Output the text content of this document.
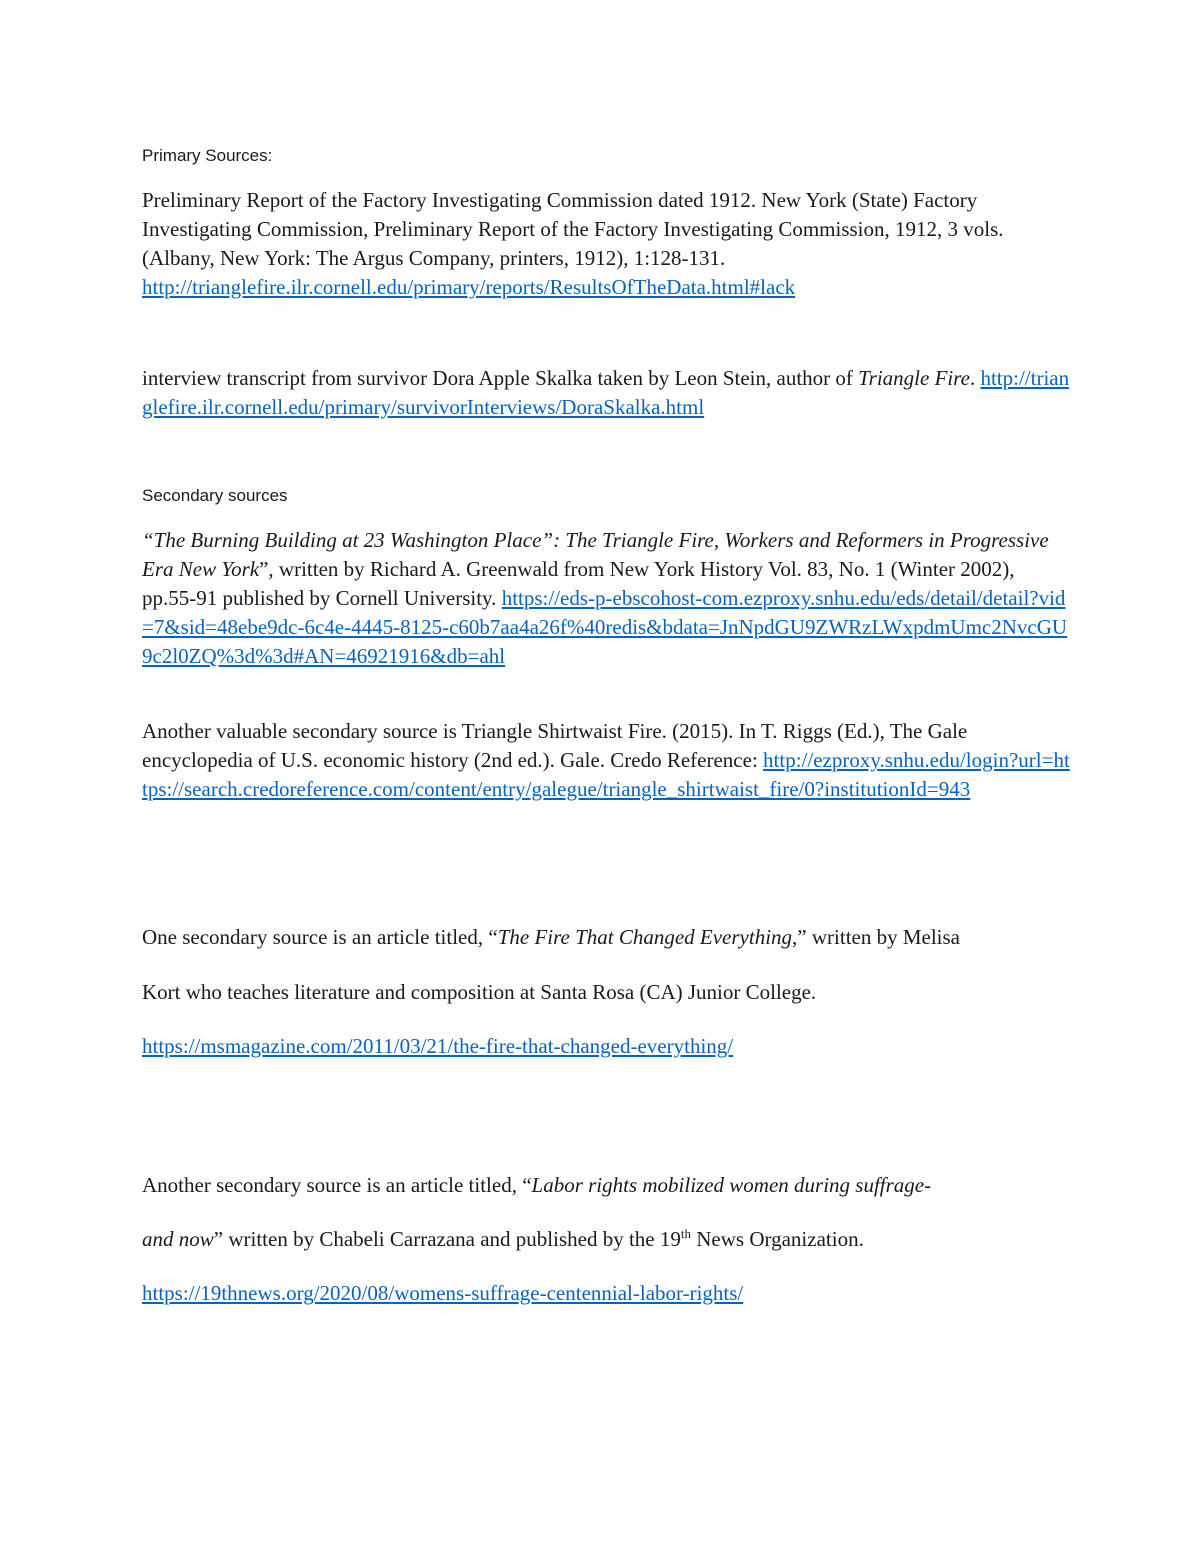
Primary Sources:
Preliminary Report of the Factory Investigating Commission dated 1912. New York (State) Factory Investigating Commission, Preliminary Report of the Factory Investigating Commission, 1912, 3 vols. (Albany, New York: The Argus Company, printers, 1912), 1:128-131.
http://trianglefire.ilr.cornell.edu/primary/reports/ResultsOfTheData.html#lack
interview transcript from survivor Dora Apple Skalka taken by Leon Stein, author of Triangle Fire. http://trianglefire.ilr.cornell.edu/primary/survivorInterviews/DoraSkalka.html
Secondary sources
“The Burning Building at 23 Washington Place”: The Triangle Fire, Workers and Reformers in Progressive Era New York”, written by Richard A. Greenwald from New York History Vol. 83, No. 1 (Winter 2002), pp.55-91 published by Cornell University. https://eds-p-ebscohost-com.ezproxy.snhu.edu/eds/detail/detail?vid=7&sid=48ebe9dc-6c4e-4445-8125-c60b7aa4a26f%40redis&bdata=JnNpdGU9ZWRzLWxpdmUmc2NvcGU9c2l0ZQ%3d%3d#AN=46921916&db=ahl
Another valuable secondary source is Triangle Shirtwaist Fire. (2015). In T. Riggs (Ed.), The Gale encyclopedia of U.S. economic history (2nd ed.). Gale. Credo Reference: http://ezproxy.snhu.edu/login?url=https://search.credoreference.com/content/entry/galegue/triangle_shirtwaist_fire/0?institutionId=943
One secondary source is an article titled, “The Fire That Changed Everything,” written by Melisa
Kort who teaches literature and composition at Santa Rosa (CA) Junior College.
https://msmagazine.com/2011/03/21/the-fire-that-changed-everything/
Another secondary source is an article titled, “Labor rights mobilized women during suffrage-
and now” written by Chabeli Carrazana and published by the 19th News Organization.
https://19thnews.org/2020/08/womens-suffrage-centennial-labor-rights/
